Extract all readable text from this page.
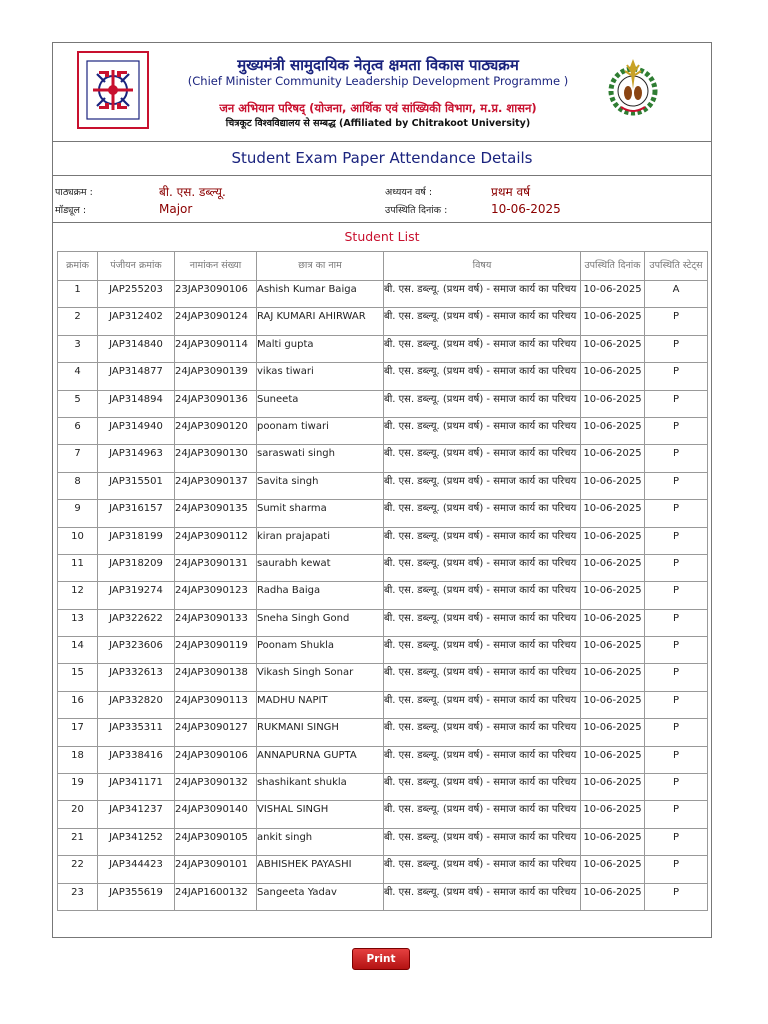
मुख्यमंत्री सामुदायिक नेतृत्व क्षमता विकास पाठ्यक्रम
(Chief Minister Community Leadership Development Programme )
जन अभियान परिषद् (योजना, आर्थिक एवं सांख्यिकी विभाग, म.प्र. शासन)
चित्रकूट विश्वविद्यालय से सम्बद्ध (Affiliated by Chitrakoot University)
Student Exam Paper Attendance Details
पाठ्यक्रम :	बी. एस. डब्ल्यू.
मॉड्यूल :	Major
अध्ययन वर्ष :	प्रथम वर्ष
उपस्थिति दिनांक :	10-06-2025
Student List
क्रमांक	पंजीयन क्रमांक	नामांकन संख्या	छात्र का नाम	विषय	उपस्थिति दिनांक	उपस्थिति स्टेट्स
1	JAP255203	23JAP3090106	Ashish Kumar Baiga	बी. एस. डब्ल्यू. (प्रथम वर्ष) - समाज कार्य का परिचय	10-06-2025	A
2	JAP312402	24JAP3090124	RAJ KUMARI AHIRWAR	बी. एस. डब्ल्यू. (प्रथम वर्ष) - समाज कार्य का परिचय	10-06-2025	P
3	JAP314840	24JAP3090114	Malti gupta	बी. एस. डब्ल्यू. (प्रथम वर्ष) - समाज कार्य का परिचय	10-06-2025	P
4	JAP314877	24JAP3090139	vikas tiwari	बी. एस. डब्ल्यू. (प्रथम वर्ष) - समाज कार्य का परिचय	10-06-2025	P
5	JAP314894	24JAP3090136	Suneeta	बी. एस. डब्ल्यू. (प्रथम वर्ष) - समाज कार्य का परिचय	10-06-2025	P
6	JAP314940	24JAP3090120	poonam tiwari	बी. एस. डब्ल्यू. (प्रथम वर्ष) - समाज कार्य का परिचय	10-06-2025	P
7	JAP314963	24JAP3090130	saraswati singh	बी. एस. डब्ल्यू. (प्रथम वर्ष) - समाज कार्य का परिचय	10-06-2025	P
8	JAP315501	24JAP3090137	Savita singh	बी. एस. डब्ल्यू. (प्रथम वर्ष) - समाज कार्य का परिचय	10-06-2025	P
9	JAP316157	24JAP3090135	Sumit sharma	बी. एस. डब्ल्यू. (प्रथम वर्ष) - समाज कार्य का परिचय	10-06-2025	P
10	JAP318199	24JAP3090112	kiran prajapati	बी. एस. डब्ल्यू. (प्रथम वर्ष) - समाज कार्य का परिचय	10-06-2025	P
11	JAP318209	24JAP3090131	saurabh kewat	बी. एस. डब्ल्यू. (प्रथम वर्ष) - समाज कार्य का परिचय	10-06-2025	P
12	JAP319274	24JAP3090123	Radha Baiga	बी. एस. डब्ल्यू. (प्रथम वर्ष) - समाज कार्य का परिचय	10-06-2025	P
13	JAP322622	24JAP3090133	Sneha Singh Gond	बी. एस. डब्ल्यू. (प्रथम वर्ष) - समाज कार्य का परिचय	10-06-2025	P
14	JAP323606	24JAP3090119	Poonam Shukla	बी. एस. डब्ल्यू. (प्रथम वर्ष) - समाज कार्य का परिचय	10-06-2025	P
15	JAP332613	24JAP3090138	Vikash Singh Sonar	बी. एस. डब्ल्यू. (प्रथम वर्ष) - समाज कार्य का परिचय	10-06-2025	P
16	JAP332820	24JAP3090113	MADHU NAPIT	बी. एस. डब्ल्यू. (प्रथम वर्ष) - समाज कार्य का परिचय	10-06-2025	P
17	JAP335311	24JAP3090127	RUKMANI SINGH	बी. एस. डब्ल्यू. (प्रथम वर्ष) - समाज कार्य का परिचय	10-06-2025	P
18	JAP338416	24JAP3090106	ANNAPURNA GUPTA	बी. एस. डब्ल्यू. (प्रथम वर्ष) - समाज कार्य का परिचय	10-06-2025	P
19	JAP341171	24JAP3090132	shashikant shukla	बी. एस. डब्ल्यू. (प्रथम वर्ष) - समाज कार्य का परिचय	10-06-2025	P
20	JAP341237	24JAP3090140	VISHAL SINGH	बी. एस. डब्ल्यू. (प्रथम वर्ष) - समाज कार्य का परिचय	10-06-2025	P
21	JAP341252	24JAP3090105	ankit singh	बी. एस. डब्ल्यू. (प्रथम वर्ष) - समाज कार्य का परिचय	10-06-2025	P
22	JAP344423	24JAP3090101	ABHISHEK PAYASHI	बी. एस. डब्ल्यू. (प्रथम वर्ष) - समाज कार्य का परिचय	10-06-2025	P
23	JAP355619	24JAP1600132	Sangeeta Yadav	बी. एस. डब्ल्यू. (प्रथम वर्ष) - समाज कार्य का परिचय	10-06-2025	P
Print
